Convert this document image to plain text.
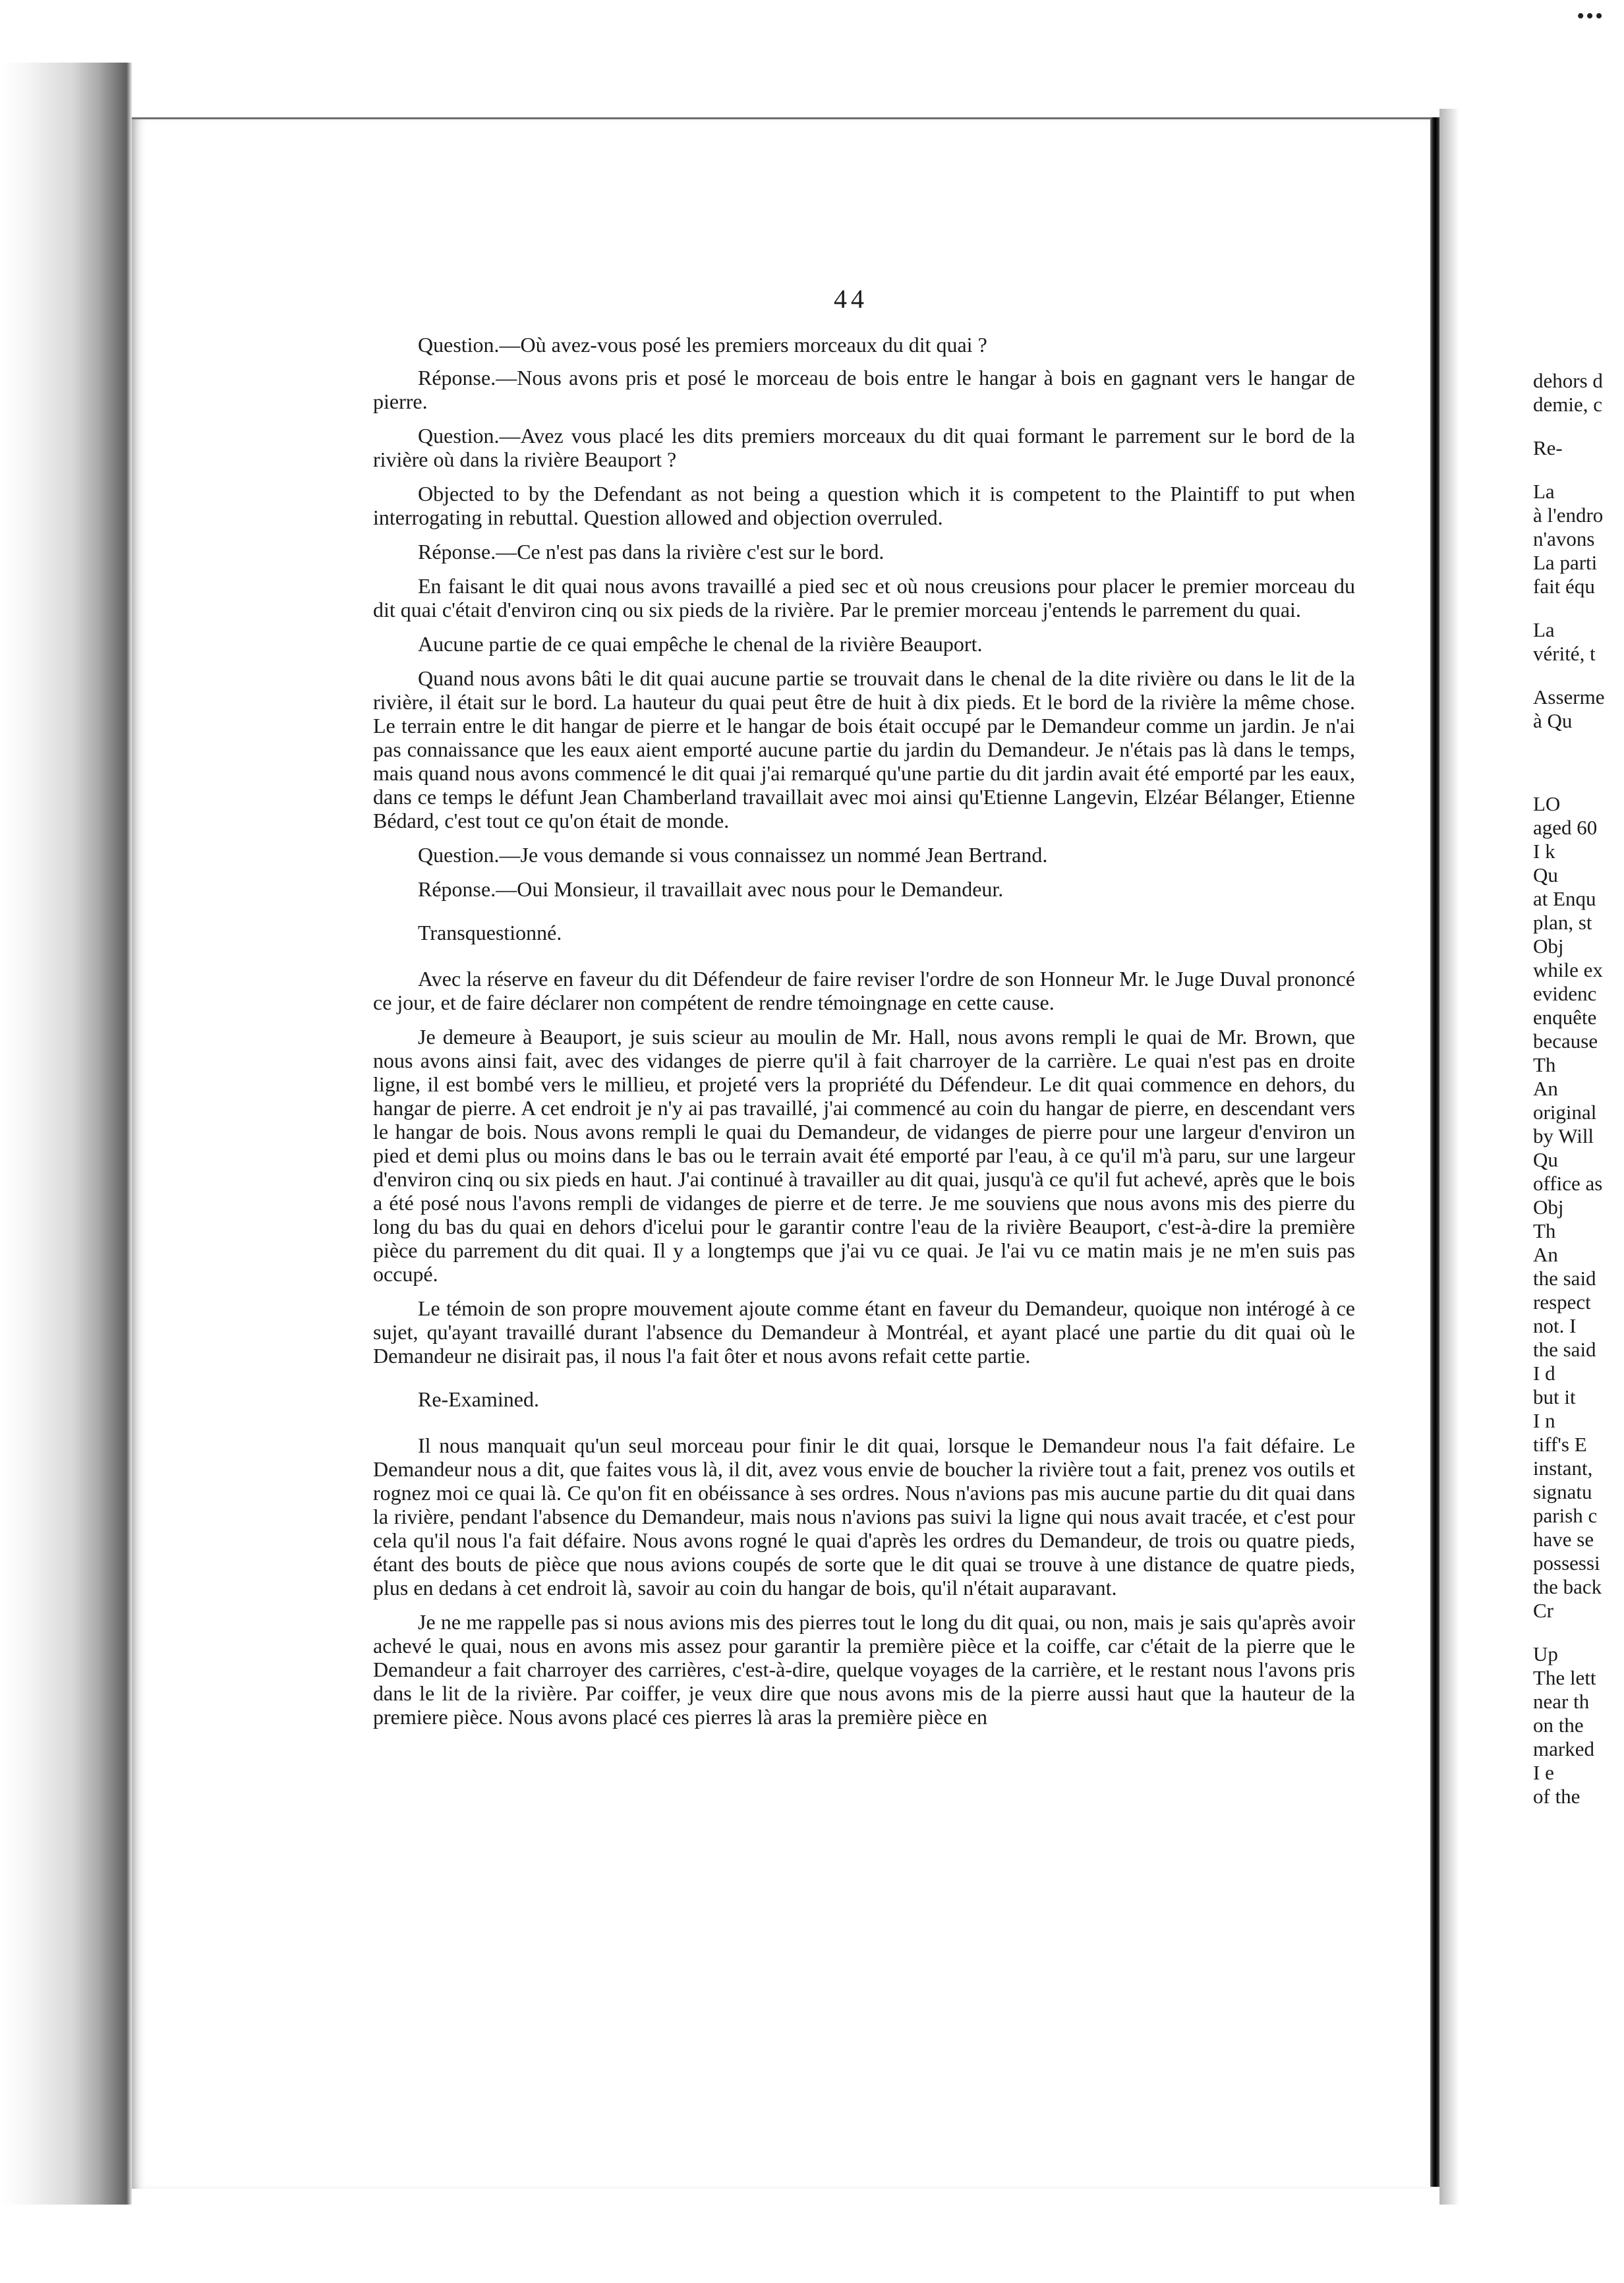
•••
44

Question.—Où avez-vous posé les premiers morceaux du dit quai ?

Réponse.—Nous avons pris et posé le morceau de bois entre le hangar à bois en gagnant vers le hangar de pierre.

Question.—Avez vous placé les dits premiers morceaux du dit quai formant le parrement sur le bord de la rivière où dans la rivière Beauport ?

Objected to by the Defendant as not being a question which it is competent to the Plaintiff to put when interrogating in rebuttal. Question allowed and objection overruled.

Réponse.—Ce n'est pas dans la rivière c'est sur le bord.

En faisant le dit quai nous avons travaillé a pied sec et où nous creusions pour placer le premier morceau du dit quai c'était d'environ cinq ou six pieds de la rivière. Par le premier morceau j'entends le parrement du quai.

Aucune partie de ce quai empêche le chenal de la rivière Beauport.

Quand nous avons bâti le dit quai aucune partie se trouvait dans le chenal de la dite rivière ou dans le lit de la rivière, il était sur le bord. La hauteur du quai peut être de huit à dix pieds. Et le bord de la rivière la même chose. Le terrain entre le dit hangar de pierre et le hangar de bois était occupé par le Demandeur comme un jardin. Je n'ai pas connaissance que les eaux aient emporté aucune partie du jardin du Demandeur. Je n'étais pas là dans le temps, mais quand nous avons commencé le dit quai j'ai remarqué qu'une partie du dit jardin avait été emporté par les eaux, dans ce temps le défunt Jean Chamberland travaillait avec moi ainsi qu'Etienne Langevin, Elzéar Bélanger, Etienne Bédard, c'est tout ce qu'on était de monde.

Question.—Je vous demande si vous connaissez un nommé Jean Bertrand.

Réponse.—Oui Monsieur, il travaillait avec nous pour le Demandeur.

Transquestionné.

Avec la réserve en faveur du dit Défendeur de faire reviser l'ordre de son Honneur Mr. le Juge Duval prononcé ce jour, et de faire déclarer non compétent de rendre témoingnage en cette cause.

Je demeure à Beauport, je suis scieur au moulin de Mr. Hall, nous avons rempli le quai de Mr. Brown, que nous avons ainsi fait, avec des vidanges de pierre qu'il à fait charroyer de la carrière. Le quai n'est pas en droite ligne, il est bombé vers le millieu, et projeté vers la propriété du Défendeur. Le dit quai commence en dehors, du hangar de pierre. A cet endroit je n'y ai pas travaillé, j'ai commencé au coin du hangar de pierre, en descendant vers le hangar de bois. Nous avons rempli le quai du Demandeur, de vidanges de pierre pour une largeur d'environ un pied et demi plus ou moins dans le bas ou le terrain avait été emporté par l'eau, à ce qu'il m'à paru, sur une largeur d'environ cinq ou six pieds en haut. J'ai continué à travailler au dit quai, jusqu'à ce qu'il fut achevé, après que le bois a été posé nous l'avons rempli de vidanges de pierre et de terre. Je me souviens que nous avons mis des pierre du long du bas du quai en dehors d'icelui pour le garantir contre l'eau de la rivière Beauport, c'est-à-dire la première pièce du parrement du dit quai. Il y a longtemps que j'ai vu ce quai. Je l'ai vu ce matin mais je ne m'en suis pas occupé.

Le témoin de son propre mouvement ajoute comme étant en faveur du Demandeur, quoique non intérogé à ce sujet, qu'ayant travaillé durant l'absence du Demandeur à Montréal, et ayant placé une partie du dit quai où le Demandeur ne disirait pas, il nous l'a fait ôter et nous avons refait cette partie.

Re-Examined.

Il nous manquait qu'un seul morceau pour finir le dit quai, lorsque le Demandeur nous l'a fait défaire. Le Demandeur nous a dit, que faites vous là, il dit, avez vous envie de boucher la rivière tout a fait, prenez vos outils et rognez moi ce quai là. Ce qu'on fit en obéissance à ses ordres. Nous n'avions pas mis aucune partie du dit quai dans la rivière, pendant l'absence du Demandeur, mais nous n'avions pas suivi la ligne qui nous avait tracée, et c'est pour cela qu'il nous l'a fait défaire. Nous avons rogné le quai d'après les ordres du Demandeur, de trois ou quatre pieds, étant des bouts de pièce que nous avions coupés de sorte que le dit quai se trouve à une distance de quatre pieds, plus en dedans à cet endroit là, savoir au coin du hangar de bois, qu'il n'était auparavant.

Je ne me rappelle pas si nous avions mis des pierres tout le long du dit quai, ou non, mais je sais qu'après avoir achevé le quai, nous en avons mis assez pour garantir la première pièce et la coiffe, car c'était de la pierre que le Demandeur a fait charroyer des carrières, c'est-à-dire, quelque voyages de la carrière, et le restant nous l'avons pris dans le lit de la rivière. Par coiffer, je veux dire que nous avons mis de la pierre aussi haut que la hauteur de la premiere pièce. Nous avons placé ces pierres là aras la première pièce en

dehors d
demie, c
Re-
La
à l'endro
n'avons
La parti
fait équ
La
vérité, t
Asserme
à Qu
LO
aged 60
I k
Qu
at Enqu
plan, st
Obj
while ex
evidenc
enquête
because
Th
An
original
by Will
Qu
office as
Obj
Th
An
the said
respect
not. I
the said
I d
but it
I n
tiff's E
instant,
signatu
parish c
have se
possessi
the back
Cr
Up
The lett
near th
on the
marked
I e
of the
